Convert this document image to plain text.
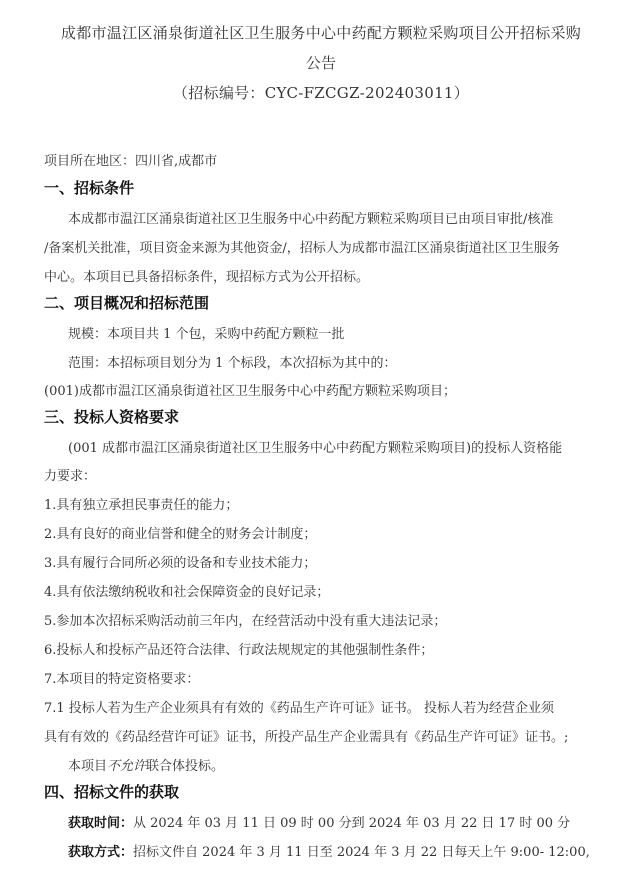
成都市温江区涌泉街道社区卫生服务中心中药配方颗粒采购项目公开招标采购
公告
（招标编号：CYC-FZCGZ-202403011）
项目所在地区：四川省,成都市
一、招标条件
本成都市温江区涌泉街道社区卫生服务中心中药配方颗粒采购项目已由项目审批/核准
/备案机关批准，项目资金来源为其他资金/，招标人为成都市温江区涌泉街道社区卫生服务
中心。本项目已具备招标条件，现招标方式为公开招标。
二、项目概况和招标范围
规模：本项目共 1 个包，采购中药配方颗粒一批
范围：本招标项目划分为 1 个标段，本次招标为其中的：
(001)成都市温江区涌泉街道社区卫生服务中心中药配方颗粒采购项目；
三、投标人资格要求
(001 成都市温江区涌泉街道社区卫生服务中心中药配方颗粒采购项目)的投标人资格能
力要求：
1.具有独立承担民事责任的能力；
2.具有良好的商业信誉和健全的财务会计制度；
3.具有履行合同所必须的设备和专业技术能力；
4.具有依法缴纳税收和社会保障资金的良好记录；
5.参加本次招标采购活动前三年内，在经营活动中没有重大违法记录；
6.投标人和投标产品还符合法律、行政法规规定的其他强制性条件；
7.本项目的特定资格要求：
7.1 投标人若为生产企业须具有有效的《药品生产许可证》证书。 投标人若为经营企业须
具有有效的《药品经营许可证》证书，所投产品生产企业需具有《药品生产许可证》证书。;
本项目不允许联合体投标。
四、招标文件的获取
获取时间：从 2024 年 03 月 11 日 09 时 00 分到 2024 年 03 月 22 日 17 时 00 分
获取方式：招标文件自 2024 年 3 月 11 日至 2024 年 3 月 22 日每天上午 9:00- 12:00,
